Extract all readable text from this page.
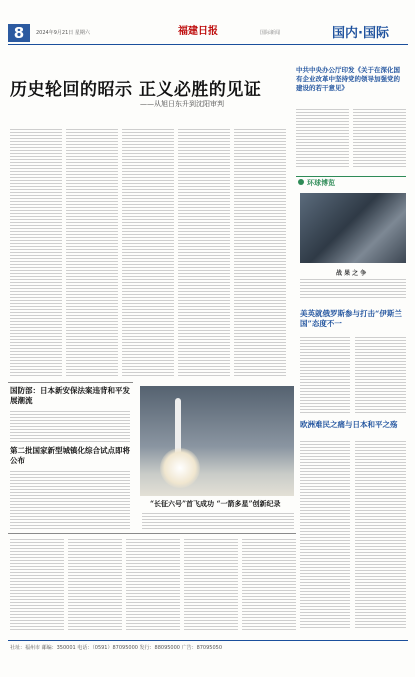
8	2024年9月21日 星期六	福建日报	国际新闻	国内·国际
历史轮回的昭示 正义必胜的见证
——从旭日东升到沈阳审判
中共中央办公厅印发《关于在深化国有企业改革中坚持党的领导加强党的建设的若干意见》
环球博览
战 果 之 争
美英就俄罗斯参与打击“伊斯兰国”态度不一
国防部：日本新安保法案违背和平发展潮流
第二批国家新型城镇化综合试点即将公布
“长征六号”首飞成功 “一箭多星”创新纪录
欧洲难民之痛与日本和平之殇
社址：福州市 邮编：350001 电话：（0591）87095000 发行：88095000 广告：87095050
